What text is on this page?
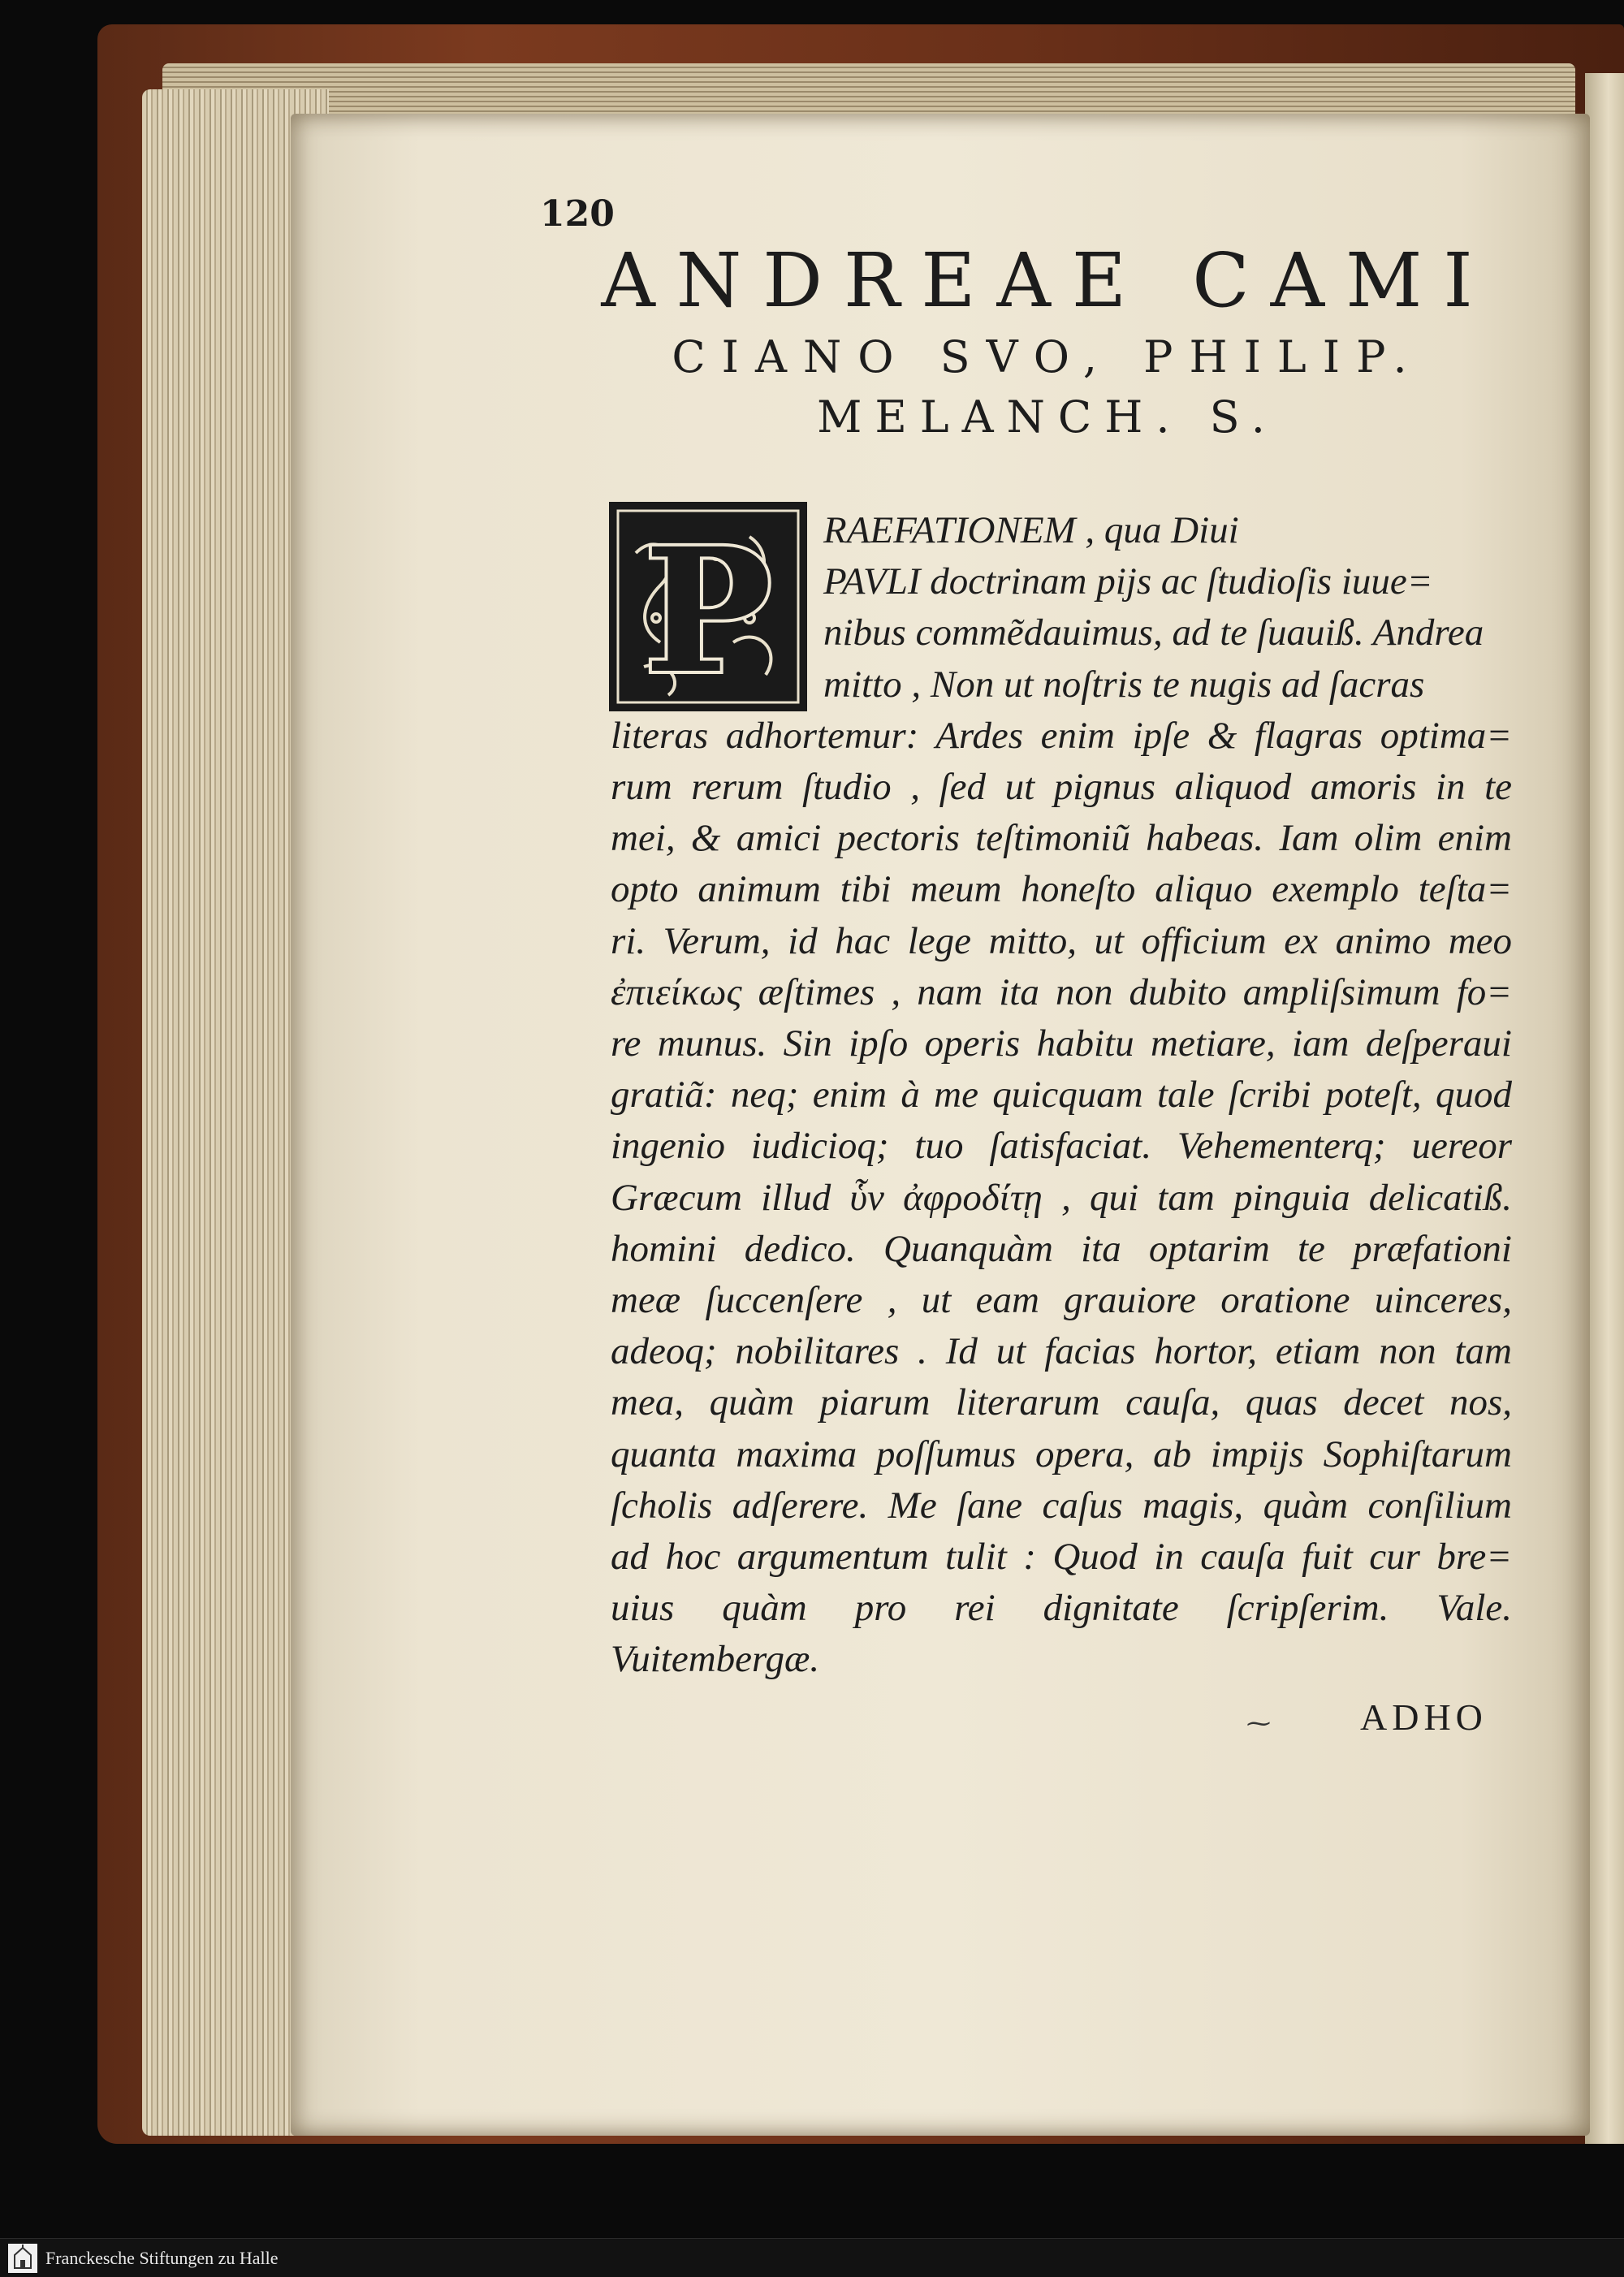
120
ANDREAE CAMI
CIANO SVO, PHILIP.
MELANCH. S.
P	RAEFATIONEM , qua Diui
PAVLI doctrinam pijs ac ſtudioſis iuue=
nibus commẽdauimus, ad te ſuauiß. Andrea
mitto , Non ut noſtris te nugis ad ſacras
literas adhortemur: Ardes enim ipſe & flagras optima=
rum rerum ſtudio , ſed ut pignus aliquod amoris in te
mei, & amici pectoris teſtimoniũ habeas. Iam olim enim
opto animum tibi meum honeſto aliquo exemplo teſta=
ri. Verum, id hac lege mitto, ut officium ex animo meo
ἐπιείκως æſtimes , nam ita non dubito ampliſsimum fo=
re munus. Sin ipſo operis habitu metiare, iam deſperaui
gratiã: neq; enim à me quicquam tale ſcribi poteſt, quod
ingenio iudicioq; tuo ſatisfaciat. Vehementerq; uereor
Græcum illud ὗν ἀφροδίτῃ , qui tam pinguia delicatiß.
homini dedico. Quanquàm ita optarim te præfationi
meæ ſuccenſere , ut eam grauiore oratione uinceres,
adeoq; nobilitares . Id ut facias hortor, etiam non tam
mea, quàm piarum literarum cauſa, quas decet nos,
quanta maxima poſſumus opera, ab impijs Sophiſtarum
ſcholis adſerere. Me ſane caſus magis, quàm conſilium
ad hoc argumentum tulit : Quod in cauſa fuit cur bre=
uius quàm pro rei dignitate ſcripſerim. Vale.
Vuitembergæ.
⁓ ADHO
Franckesche Stiftungen zu Halle
